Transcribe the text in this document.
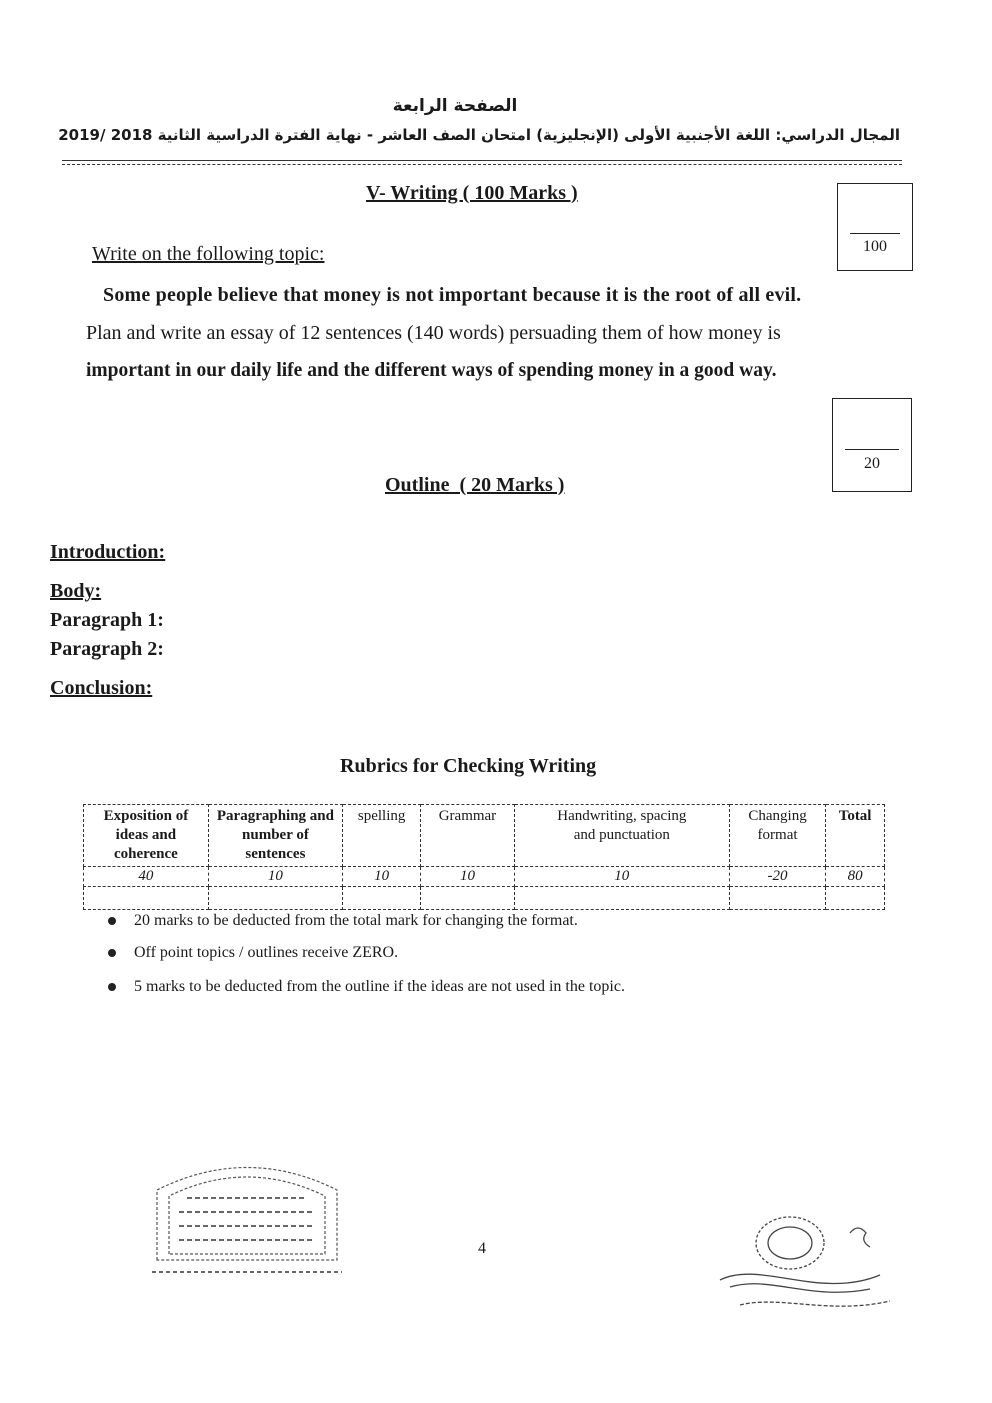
الصفحة الرابعة
المجال الدراسي: اللغة الأجنبية الأولى (الإنجليزية) امتحان الصف العاشر - نهاية الفترة الدراسية الثانية 2018 /2019
V- Writing ( 100 Marks )
100
Write on the following topic:
Some people believe that money is not important because it is the root of all evil.
Plan and write an essay of 12 sentences (140 words) persuading them of how money is
important in our daily life and the different ways of spending money in a good way.
20
Outline  ( 20 Marks )
Introduction:
Body:
Paragraph 1:
Paragraph 2:
Conclusion:
Rubrics for Checking Writing
Exposition of ideas and coherence	Paragraphing and number of sentences	spelling	Grammar	Handwriting, spacing and punctuation	Changing format	Total
40	10	10	10	10	-20	80

20 marks to be deducted from the total mark for changing the format.
Off point topics / outlines receive ZERO.
5 marks to be deducted from the outline if the ideas are not used in the topic.
4
